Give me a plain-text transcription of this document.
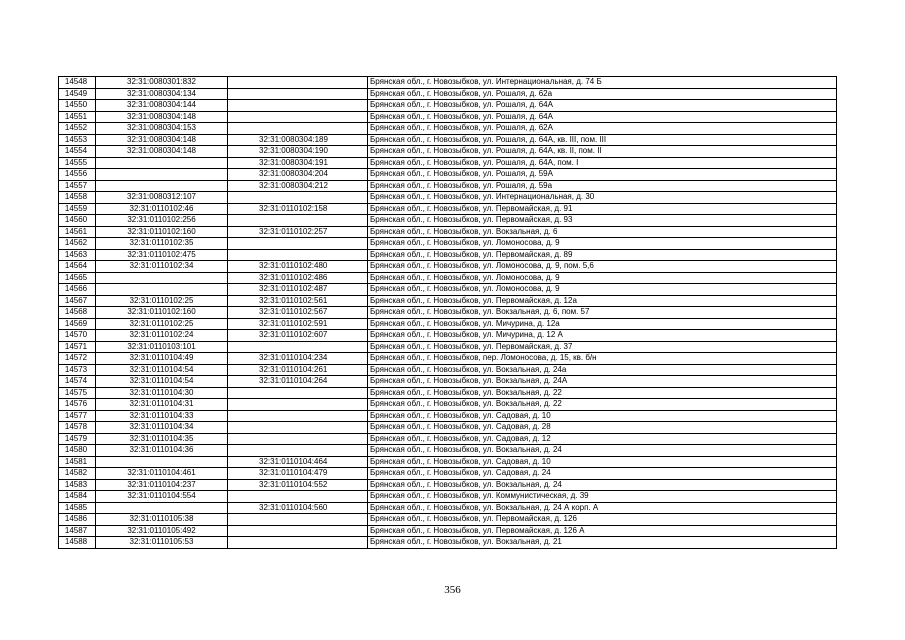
14548	32:31:0080301:832		Брянская обл., г. Новозыбков, ул. Интернациональная, д. 74 Б
14549	32:31:0080304:134		Брянская обл., г. Новозыбков, ул. Рошаля, д. 62а
14550	32:31:0080304:144		Брянская обл., г. Новозыбков, ул. Рошаля, д. 64А
14551	32:31:0080304:148		Брянская обл., г. Новозыбков, ул. Рошаля, д. 64А
14552	32:31:0080304:153		Брянская обл., г. Новозыбков, ул. Рошаля, д. 62А
14553	32:31:0080304:148	32:31:0080304:189	Брянская обл., г. Новозыбков, ул. Рошаля, д. 64А, кв. III, пом. III
14554	32:31:0080304:148	32:31:0080304:190	Брянская обл., г. Новозыбков, ул. Рошаля, д. 64А, кв. II, пом. II
14555		32:31:0080304:191	Брянская обл., г. Новозыбков, ул. Рошаля, д. 64А, пом. I
14556		32:31:0080304:204	Брянская обл., г. Новозыбков, ул. Рошаля, д. 59А
14557		32:31:0080304:212	Брянская обл., г. Новозыбков, ул. Рошаля, д. 59а
14558	32:31:0080312:107		Брянская обл., г. Новозыбков, ул. Интернациональная, д. 30
14559	32:31:0110102:46	32:31:0110102:158	Брянская обл., г. Новозыбков, ул. Первомайская, д. 91
14560	32:31:0110102:256		Брянская обл., г. Новозыбков, ул. Первомайская, д. 93
14561	32:31:0110102:160	32:31:0110102:257	Брянская обл., г. Новозыбков, ул. Вокзальная, д. 6
14562	32:31:0110102:35		Брянская обл., г. Новозыбков, ул. Ломоносова, д. 9
14563	32:31:0110102:475		Брянская обл., г. Новозыбков, ул. Первомайская, д. 89
14564	32:31:0110102:34	32:31:0110102:480	Брянская обл., г. Новозыбков, ул. Ломоносова, д. 9, пом. 5,6
14565		32:31:0110102:486	Брянская обл., г. Новозыбков, ул. Ломоносова, д. 9
14566		32:31:0110102:487	Брянская обл., г. Новозыбков, ул. Ломоносова, д. 9
14567	32:31:0110102:25	32:31:0110102:561	Брянская обл., г. Новозыбков, ул. Первомайская, д. 12а
14568	32:31:0110102:160	32:31:0110102:567	Брянская обл., г. Новозыбков, ул. Вокзальная, д. 6, пом. 57
14569	32:31:0110102:25	32:31:0110102:591	Брянская обл., г. Новозыбков, ул. Мичурина, д. 12а
14570	32:31:0110102:24	32:31:0110102:607	Брянская обл., г. Новозыбков, ул. Мичурина, д. 12 А
14571	32:31:0110103:101		Брянская обл., г. Новозыбков, ул. Первомайская, д. 37
14572	32:31:0110104:49	32:31:0110104:234	Брянская обл., г. Новозыбков, пер. Ломоносова, д. 15, кв. б/н
14573	32:31:0110104:54	32:31:0110104:261	Брянская обл., г. Новозыбков, ул. Вокзальная, д. 24а
14574	32:31:0110104:54	32:31:0110104:264	Брянская обл., г. Новозыбков, ул. Вокзальная, д. 24А
14575	32:31:0110104:30		Брянская обл., г. Новозыбков, ул. Вокзальная, д. 22
14576	32:31:0110104:31		Брянская обл., г. Новозыбков, ул. Вокзальная, д. 22
14577	32:31:0110104:33		Брянская обл., г. Новозыбков, ул. Садовая, д. 10
14578	32:31:0110104:34		Брянская обл., г. Новозыбков, ул. Садовая, д. 28
14579	32:31:0110104:35		Брянская обл., г. Новозыбков, ул. Садовая, д. 12
14580	32:31:0110104:36		Брянская обл., г. Новозыбков, ул. Вокзальная, д. 24
14581		32:31:0110104:464	Брянская обл., г. Новозыбков, ул. Садовая, д. 10
14582	32:31:0110104:461	32:31:0110104:479	Брянская обл., г. Новозыбков, ул. Садовая, д. 24
14583	32:31:0110104:237	32:31:0110104:552	Брянская обл., г. Новозыбков, ул. Вокзальная, д. 24
14584	32:31:0110104:554		Брянская обл., г. Новозыбков, ул. Коммунистическая, д. 39
14585		32:31:0110104:560	Брянская обл., г. Новозыбков, ул. Вокзальная, д. 24 А корп. А
14586	32:31:0110105:38		Брянская обл., г. Новозыбков, ул. Первомайская, д. 126
14587	32:31:0110105:492		Брянская обл., г. Новозыбков, ул. Первомайская, д. 126 А
14588	32:31:0110105:53		Брянская обл., г. Новозыбков, ул. Вокзальная, д. 21
356
